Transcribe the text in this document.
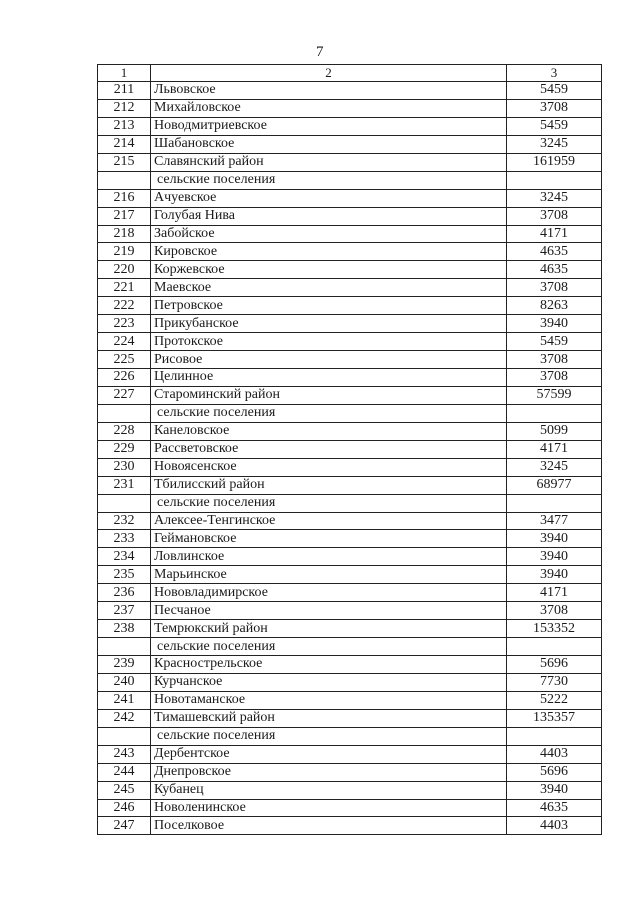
7
1	2	3
211	Львовское	5459
212	Михайловское	3708
213	Новодмитриевское	5459
214	Шабановское	3245
215	Славянский район	161959
	сельские поселения	
216	Ачуевское	3245
217	Голубая Нива	3708
218	Забойское	4171
219	Кировское	4635
220	Коржевское	4635
221	Маевское	3708
222	Петровское	8263
223	Прикубанское	3940
224	Протокское	5459
225	Рисовое	3708
226	Целинное	3708
227	Староминский район	57599
	сельские поселения	
228	Канеловское	5099
229	Рассветовское	4171
230	Новоясенское	3245
231	Тбилисский район	68977
	сельские поселения	
232	Алексее-Тенгинское	3477
233	Геймановское	3940
234	Ловлинское	3940
235	Марьинское	3940
236	Нововладимирское	4171
237	Песчаное	3708
238	Темрюкский район	153352
	сельские поселения	
239	Краснострельское	5696
240	Курчанское	7730
241	Новотаманское	5222
242	Тимашевский район	135357
	сельские поселения	
243	Дербентское	4403
244	Днепровское	5696
245	Кубанец	3940
246	Новоленинское	4635
247	Поселковое	4403
